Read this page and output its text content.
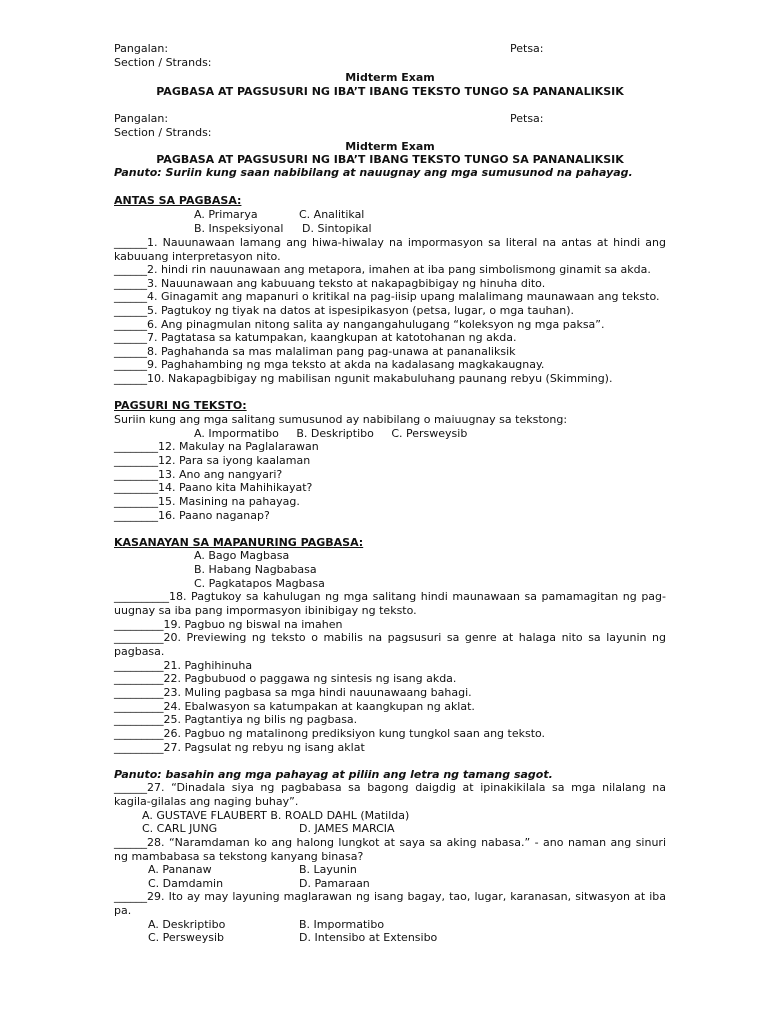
Pangalan:	Petsa:
Section / Strands:
Midterm Exam
PAGBASA AT PAGSUSURI NG IBA’T IBANG TEKSTO TUNGO SA PANANALIKSIK
Pangalan:	Petsa:
Section / Strands:
Midterm Exam
PAGBASA AT PAGSUSURI NG IBA’T IBANG TEKSTO TUNGO SA PANANALIKSIK
Panuto: Suriin kung saan nabibilang at nauugnay ang mga sumusunod na pahayag.
ANTAS SA PAGBASA:
A. Primarya	C. Analitikal
B. Inspeksiyonal D. Sintopikal
______1. Nauunawaan lamang ang hiwa-hiwalay na impormasyon sa literal na antas at hindi ang kabuuang interpretasyon nito.
______2. hindi rin nauunawaan ang metapora, imahen at iba pang simbolismong ginamit sa akda.
______3. Nauunawaan ang kabuuang teksto at nakapagbibigay ng hinuha dito.
______4. Ginagamit ang mapanuri o kritikal na pag-iisip upang malalimang maunawaan ang teksto.
______5. Pagtukoy ng tiyak na datos at ispesipikasyon (petsa, lugar, o mga tauhan).
______6. Ang pinagmulan nitong salita ay nangangahulugang “koleksyon ng mga paksa”.
______7. Pagtatasa sa katumpakan, kaangkupan at katotohanan ng akda.
______8. Paghahanda sa mas malaliman pang pag-unawa at pananaliksik
______9. Paghahambing ng mga teksto at akda na kadalasang magkakaugnay.
______10. Nakapagbibigay ng mabilisan ngunit makabuluhang paunang rebyu (Skimming).
PAGSURI NG TEKSTO:
Suriin kung ang mga salitang sumusunod ay nabibilang o maiuugnay sa tekstong:
A. Impormatibo     B. Deskriptibo     C. Persweysib
________12. Makulay na Paglalarawan
________12. Para sa iyong kaalaman
________13. Ano ang nangyari?
________14. Paano kita Mahihikayat?
________15. Masining na pahayag.
________16. Paano naganap?
KASANAYAN SA MAPANURING PAGBASA:
A. Bago Magbasa
B. Habang Nagbabasa
C. Pagkatapos Magbasa
__________18. Pagtukoy sa kahulugan ng mga salitang hindi maunawaan sa pamamagitan ng pag-uugnay sa iba pang impormasyon ibinibigay ng teksto.
_________19. Pagbuo ng biswal na imahen
_________20. Previewing ng teksto o mabilis na pagsusuri sa genre at halaga nito sa layunin ng pagbasa.
_________21. Paghihinuha
_________22. Pagbubuod o paggawa ng sintesis ng isang akda.
_________23. Muling pagbasa sa mga hindi nauunawaang bahagi.
_________24. Ebalwasyon sa katumpakan at kaangkupan ng aklat.
_________25. Pagtantiya ng bilis ng pagbasa.
_________26. Pagbuo ng matalinong prediksiyon kung tungkol saan ang teksto.
_________27. Pagsulat ng rebyu ng isang aklat
Panuto: basahin ang mga pahayag at piliin ang letra ng tamang sagot.
______27. “Dinadala siya ng pagbabasa sa bagong daigdig at ipinakikilala sa mga nilalang na kagila-gilalas ang naging buhay”.
A. GUSTAVE FLAUBERT B. ROALD DAHL (Matilda)
C. CARL JUNG	D. JAMES MARCIA
______28. “Naramdaman ko ang halong lungkot at saya sa aking nabasa.” - ano naman ang sinuri ng mambabasa sa tekstong kanyang binasa?
A. Pananaw	B. Layunin
C. Damdamin	D. Pamaraan
______29. Ito ay may layuning maglarawan ng isang bagay, tao, lugar, karanasan, sitwasyon at iba pa.
A. Deskriptibo	B. Impormatibo
C. Persweysib	D. Intensibo at Extensibo
